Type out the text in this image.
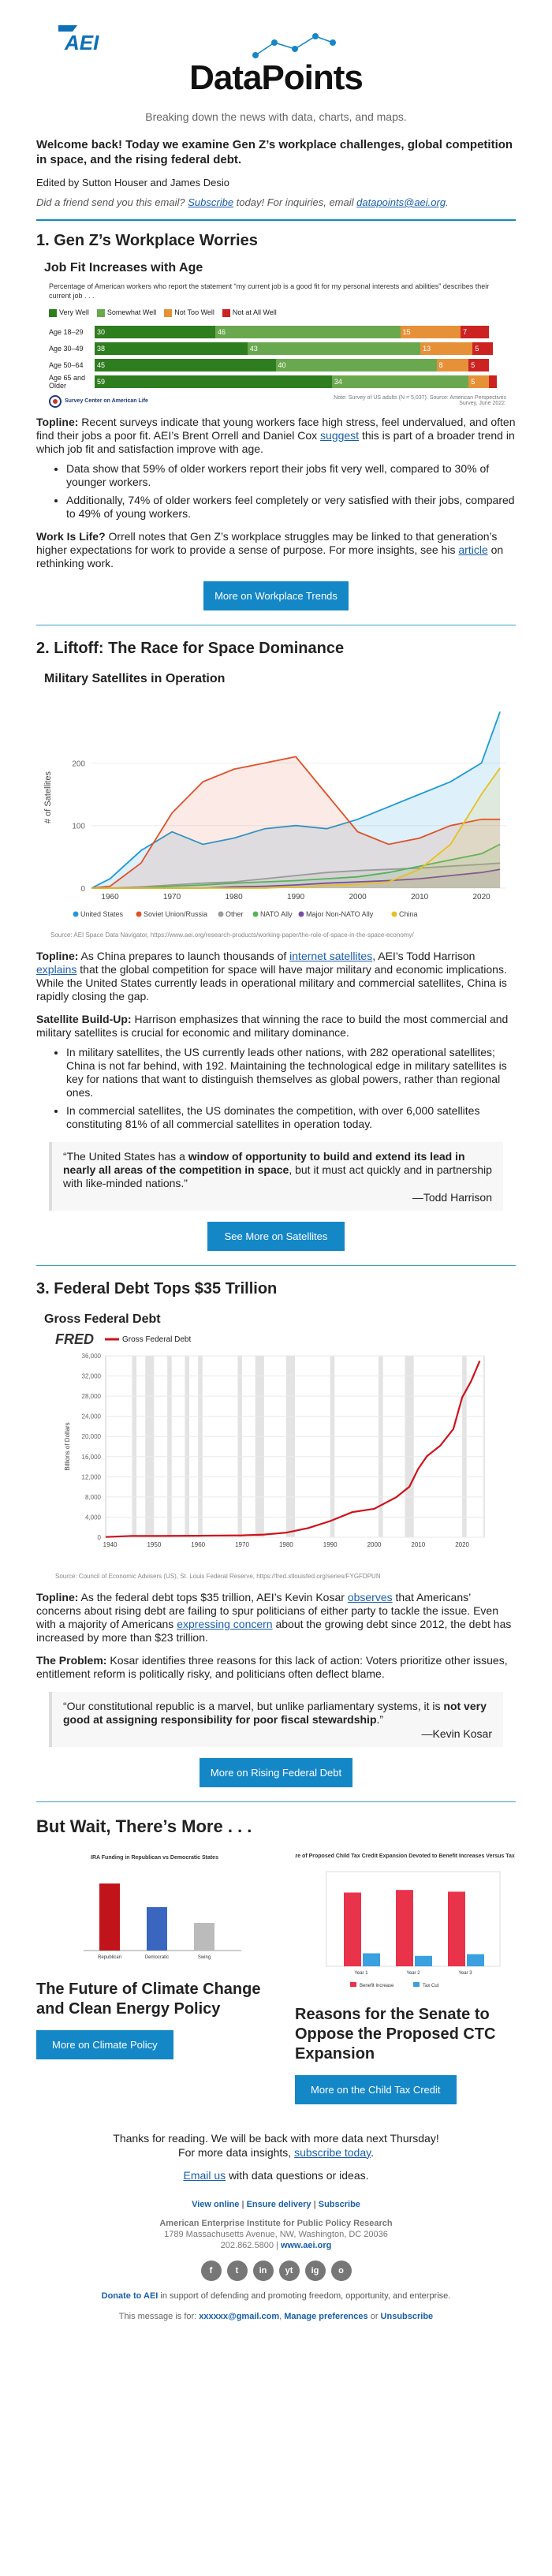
AEI
DataPoints
Breaking down the news with data, charts, and maps.

Welcome back! Today we examine Gen Z’s workplace challenges, global competition in space, and the rising federal debt.

Edited by Sutton Houser and James Desio

Did a friend send you this email? Subscribe today! For inquiries, email datapoints@aei.org.

1. Gen Z’s Workplace Worries
Job Fit Increases with Age
Percentage of American workers who report the statement “my current job is a good fit for my personal interests and abilities” describes their current job . . .
Very Well	Somewhat Well	Not Too Well	Not at All Well
Age 18–29	30	46	15	7
Age 30–49	38	43	13	5
Age 50–64	45	40	8	5
Age 65 and Older	59	34	5
Survey Center on American Life
Note: Survey of US adults (N = 5,037). Source: American Perspectives Survey, June 2022.

Topline: Recent surveys indicate that young workers face high stress, feel undervalued, and often find their jobs a poor fit. AEI’s Brent Orrell and Daniel Cox suggest this is part of a broader trend in which job fit and satisfaction improve with age.

• Data show that 59% of older workers report their jobs fit very well, compared to 30% of younger workers.
• Additionally, 74% of older workers feel completely or very satisfied with their jobs, compared to 49% of young workers.

Work Is Life? Orrell notes that Gen Z’s workplace struggles may be linked to that generation’s higher expectations for work to provide a sense of purpose. For more insights, see his article on rethinking work.

More on Workplace Trends
2. Liftoff: The Race for Space Dominance
Military Satellites in Operation
0
100
200
1960	1970	1980	1990	2000	2010	2020
# of Satellites
United States	Soviet Union/Russia	Other NATO Ally Major Non-NATO Ally	China
Source: AEI Space Data Navigator, https://www.aei.org/research-products/working-paper/the-role-of-space-in-the-space-economy/

Topline: As China prepares to launch thousands of internet satellites, AEI’s Todd Harrison explains that the global competition for space will have major military and economic implications. While the United States currently leads in operational military and commercial satellites, China is rapidly closing the gap.

Satellite Build-Up: Harrison emphasizes that winning the race to build the most commercial and military satellites is crucial for economic and military dominance.

• In military satellites, the US currently leads other nations, with 282 operational satellites; China is not far behind, with 192. Maintaining the technological edge in military satellites is key for nations that want to distinguish themselves as global powers, rather than regional ones.
• In commercial satellites, the US dominates the competition, with over 6,000 satellites constituting 81% of all commercial satellites in operation today.
“The United States has a window of opportunity to build and extend its lead in nearly all areas of the competition in space, but it must act quickly and in partnership with like-minded nations.”
—Todd Harrison
See More on Satellites
3. Federal Debt Tops $35 Trillion
Gross Federal Debt
FRED	Gross Federal Debt
0
4,000
8,000
12,000
16,000
20,000
24,000
28,000
32,000
36,000
1940	1950	1960	1970	1980	1990	2000	2010	2020
Billions of Dollars
Source: Council of Economic Advisers (US), St. Louis Federal Reserve, https://fred.stlouisfed.org/series/FYGFDPUN

Topline: As the federal debt tops $35 trillion, AEI’s Kevin Kosar observes that Americans’ concerns about rising debt are failing to spur politicians of either party to tackle the issue. Even with a majority of Americans expressing concern about the growing debt since 2012, the debt has increased by more than $23 trillion.

The Problem: Kosar identifies three reasons for this lack of action: Voters prioritize other issues, entitlement reform is politically risky, and politicians often deflect blame.

“Our constitutional republic is a marvel, but unlike parliamentary systems, it is not very good at assigning responsibility for poor fiscal stewardship.”
—Kevin Kosar
More on Rising Federal Debt
But Wait, There’s More . . .
IRA Funding in Republican vs Democratic States
Republican	Democratic	Swing
The Future of Climate Change and Clean Energy Policy
More on Climate Policy
Share of Proposed Child Tax Credit Expansion Devoted to Benefit Increases Versus Tax Cut
Year 1	Year 2	Year 3
Benefit Increase	Tax Cut
Reasons for the Senate to Oppose the Proposed CTC Expansion
More on the Child Tax Credit
Thanks for reading. We will be back with more data next Thursday!
For more data insights, subscribe today.
Email us with data questions or ideas.
View online | Ensure delivery | Subscribe
American Enterprise Institute for Public Policy Research
1789 Massachusetts Avenue, NW, Washington, DC 20036
202.862.5800 | www.aei.org
f	t	in	yt	ig	o
Donate to AEI in support of defending and promoting freedom, opportunity, and enterprise.
This message is for: xxxxxx@gmail.com, Manage preferences or Unsubscribe
